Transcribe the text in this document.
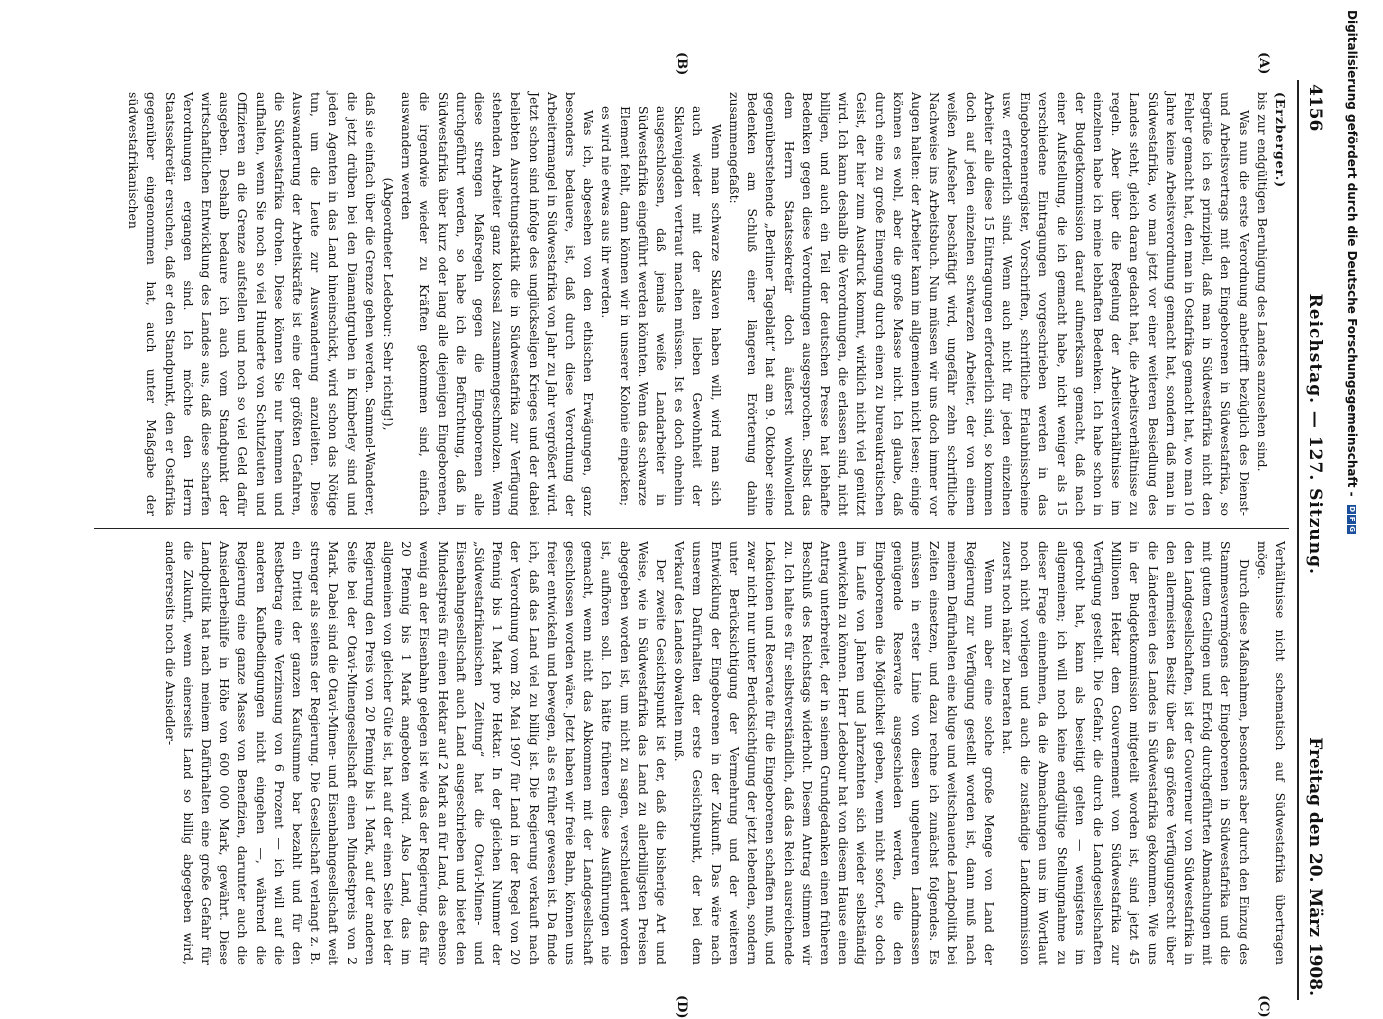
4156
Reichstag. — 127. Sitzung.
Freitag den 20. März 1908.
(A)
(B)
(C)
(D)

(Erzberger.)

bis zur endgültigen Beruhigung des Landes anzusehen sind.

Was nun die erste Verordnung anbetrifft bezüglich des Dienst- und Arbeitsvertrags mit den Eingeborenen in Südwestafrika, so begrüße ich es prinzipiell, daß man in Südwestafrika nicht den Fehler gemacht hat, den man in Ostafrika gemacht hat, wo man 10 Jahre keine Arbeitsverordnung gemacht hat, sondern daß man in Südwestafrika, wo man jetzt vor einer weiteren Besiedlung des Landes steht, gleich daran gedacht hat, die Arbeitsverhältnisse zu regeln. Aber über die Regelung der Arbeitsverhältnisse im einzelnen habe ich meine lebhaften Bedenken. Ich habe schon in der Budgetkommission darauf aufmerksam gemacht, daß nach einer Aufstellung, die ich gemacht habe, nicht weniger als 15 verschiedene Eintragungen vorgeschrieben werden in das Eingeborenenregister, Vorschriften, schriftliche Erlaubnisscheine usw. erforderlich sind. Wenn auch nicht für jeden einzelnen Arbeiter alle diese 15 Eintragungen erforderlich sind, so kommen doch auf jeden einzelnen schwarzen Arbeiter, der von einem weißen Aufseher beschäftigt wird, ungefähr zehn schriftliche Nachweise ins Arbeitsbuch. Nun müssen wir uns doch immer vor Augen halten: der Arbeiter kann im allgemeinen nicht lesen; einige können es wohl, aber die große Masse nicht. Ich glaube, daß durch eine zu große Einengung durch einen zu bureaukratischen Geist, der hier zum Ausdruck kommt, wirklich nicht viel genützt wird. Ich kann deshalb die Verordnungen, die erlassen sind, nicht billigen, und auch ein Teil der deutschen Presse hat lebhafte Bedenken gegen diese Verordnungen ausgesprochen. Selbst das dem Herrn Staatssekretär doch äußerst wohlwollend gegenüberstehende „Berliner Tageblatt“ hat am 9. Oktober seine Bedenken am Schluß einer längeren Erörterung dahin zusammengefaßt:

Wenn man schwarze Sklaven haben will, wird man sich auch wieder mit der alten lieben Gewohnheit der Sklavenjagden vertraut machen müssen. Ist es doch ohnehin ausgeschlossen, daß jemals weiße Landarbeiter in Südwestafrika eingeführt werden könnten. Wenn das schwarze Element fehlt, dann können wir in unserer Kolonie einpacken; es wird nie etwas aus ihr werden.

Was ich, abgesehen von den ethischen Erwägungen, ganz besonders bedauere, ist, daß durch diese Verordnung der Arbeitermangel in Südwestafrika von Jahr zu Jahr vergrößert wird. Jetzt schon sind infolge des unglückseligen Krieges und der dabei beliebten Ausrottungstaktik die in Südwestafrika zur Verfügung stehenden Arbeiter ganz kolossal zusammengeschmolzen. Wenn diese strengen Maßregeln gegen die Eingeborenen alle durchgeführt werden, so habe ich die Befürchtung, daß in Südwestafrika über kurz oder lang alle diejenigen Eingeborenen, die irgendwie wieder zu Kräften gekommen sind, einfach auswandern werden

(Abgeordneter Ledebour: Sehr richtig!),

daß sie einfach über die Grenze gehen werden. Sammel-Wanderer, die jetzt drüben bei den Diamantgruben in Kimberley sind und jeden Agenten in das Land hineinschickt, wird schon das Nötige tun, um die Leute zur Auswanderung anzuleiten. Diese Auswanderung der Arbeitskräfte ist eine der größten Gefahren, die Südwestafrika drohen. Diese können Sie nur hemmen und aufhalten, wenn Sie noch so viel Hunderte von Schutzleuten und Offizieren an die Grenze aufstellen und noch so viel Geld dafür ausgeben. Deshalb bedaure ich auch vom Standpunkt der wirtschaftlichen Entwicklung des Landes aus, daß diese scharfen Verordnungen ergangen sind. Ich möchte den Herrn Staatssekretär ersuchen, daß er den Standpunkt, den er Ostafrika gegenüber eingenommen hat, auch unter Maßgabe der südwestafrikanischen

Verhältnisse nicht schematisch auf Südwestafrika übertragen möge.

Durch diese Maßnahmen, besonders aber durch den Einzug des Stammesvermögens der Eingeborenen in Südwestafrika und die mit gutem Gelingen und Erfolg durchgeführten Abmachungen mit den Landgesellschaften, ist der Gouverneur von Südwestafrika in den allermeisten Besitz über das größere Verfügungsrecht über die Ländereien des Landes in Südwestafrika gekommen. Wie uns in der Budgetkommission mitgeteilt worden ist, sind jetzt 45 Millionen Hektar dem Gouvernement von Südwestafrika zur Verfügung gestellt. Die Gefahr, die durch die Landgesellschaften gedroht hat, kann als beseitigt gelten — wenigstens im allgemeinen; ich will noch keine endgültige Stellungnahme zu dieser Frage einnehmen, da die Abmachungen uns im Wortlaut noch nicht vorliegen und auch die zuständige Landkommission zuerst noch näher zu beraten hat.

Wenn nun aber eine solche große Menge von Land der Regierung zur Verfügung gestellt worden ist, dann muß nach meinem Dafürhalten eine kluge und weitschauende Landpolitik bei Zeiten einsetzen, und dazu rechne ich zunächst folgendes. Es müssen in erster Linie von diesen ungeheuren Landmassen genügende Reservate ausgeschieden werden, die den Eingeborenen die Möglichkeit geben, wenn nicht sofort, so doch im Laufe von Jahren und Jahrzehnten sich wieder selbständig entwickeln zu können. Herr Ledebour hat von diesem Hause einen Antrag unterbreitet, der in seinem Grundgedanken einen früheren Beschluß des Reichstags widerholt. Diesem Antrag stimmen wir zu. Ich halte es für selbstverständlich, daß das Reich ausreichende Lokationen und Reservate für die Eingeborenen schaffen muß, und zwar nicht nur unter Berücksichtigung der jetzt lebenden, sondern unter Berücksichtigung der Vermehrung und der weiteren Entwicklung der Eingeborenen in der Zukunft. Das wäre nach unserem Dafürhalten der erste Gesichtspunkt, der bei dem Verkauf des Landes obwalten muß.

Der zweite Gesichtspunkt ist der, daß die bisherige Art und Weise, wie in Südwestafrika das Land zu allerbilligsten Preisen abgegeben worden ist, um nicht zu sagen, verschleudert worden ist, aufhören soll. Ich hätte früheren diese Ausführungen nie gemacht, wenn nicht das Abkommen mit der Landgesellschaft geschlossen worden wäre. Jetzt haben wir freie Bahn, können uns freier entwickeln und bewegen, als es früher gewesen ist. Da finde ich, daß das Land viel zu billig ist. Die Regierung verkauft nach der Verordnung vom 28. Mai 1907 für Land in der Regel von 20 Pfennig bis 1 Mark pro Hektar. In der gleichen Nummer der „Südwestafrikanischen Zeitung“ hat die Otavi-Minen- und Eisenbahngesellschaft auch Land ausgeschrieben und bietet den Mindestpreis für einen Hektar auf 2 Mark an für Land, das ebenso wenig an der Eisenbahn gelegen ist wie das der Regierung, das für 20 Pfennig bis 1 Mark angeboten wird. Also Land, das im allgemeinen von gleicher Güte ist, hat auf der einen Seite bei der Regierung den Preis von 20 Pfennig bis 1 Mark, auf der anderen Seite bei der Otavi-Minengesellschaft einen Mindestpreis von 2 Mark. Dabei sind die Otavi-Minen- und Eisenbahngesellschaft weit strenger als seitens der Regierung. Die Gesellschaft verlangt z. B. ein Drittel der ganzen Kaufsumme bar bezahlt und für den Restbetrag eine Verzinsung von 6 Prozent — ich will auf die anderen Kaufbedingungen nicht eingehen —, während die Regierung eine ganze Masse von Benefizien, darunter auch die Ansiedlerbeihilfe in Höhe von 600 000 Mark, gewährt. Diese Landpolitik hat nach meinem Dafürhalten eine große Gefahr für die Zukunft, wenn einerseits Land so billig abgegeben wird, andererseits noch die Ansiedler-

Digitalisierung gefördert durch die Deutsche Forschungsgemeinschaft -
D
F
G
